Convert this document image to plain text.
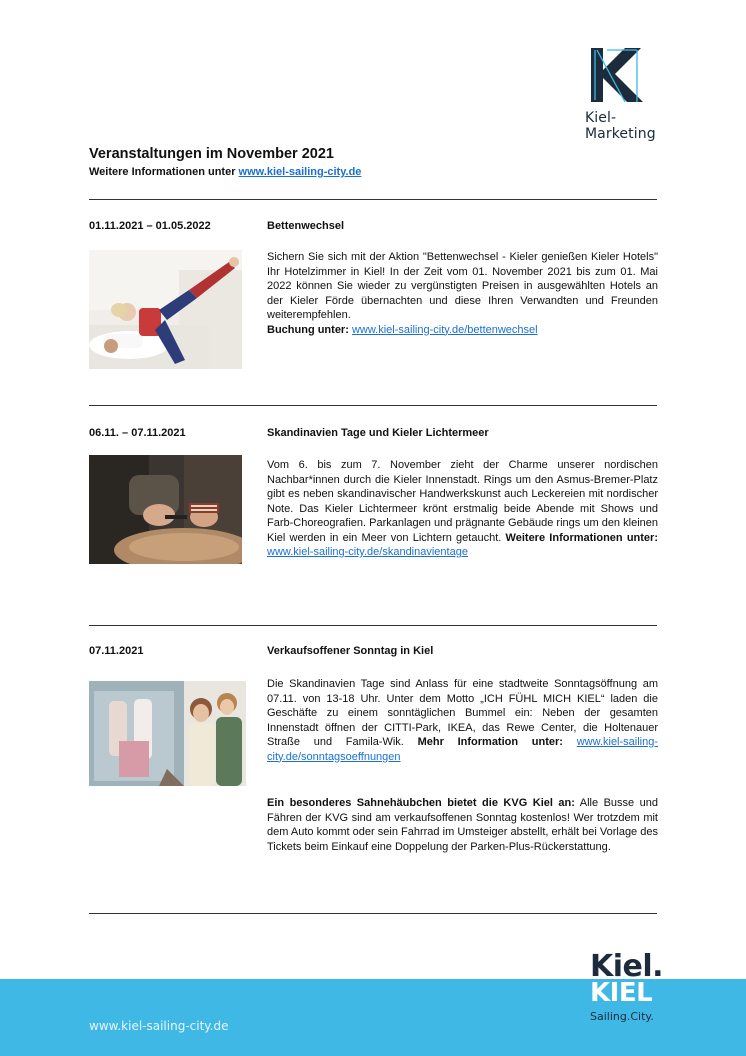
Kiel-Marketing
Veranstaltungen im November 2021
Weitere Informationen unter www.kiel-sailing-city.de
01.11.2021 – 01.05.2022	Bettenwechsel
Sichern Sie sich mit der Aktion "Bettenwechsel - Kieler genießen Kieler Hotels" Ihr Hotelzimmer in Kiel! In der Zeit vom 01. November 2021 bis zum 01. Mai 2022 können Sie wieder zu vergünstigten Preisen in ausgewählten Hotels an der Kieler Förde übernachten und diese Ihren Verwandten und Freunden weiterempfehlen.
Buchung unter: www.kiel-sailing-city.de/bettenwechsel
06.11. – 07.11.2021	Skandinavien Tage und Kieler Lichtermeer
Vom 6. bis zum 7. November zieht der Charme unserer nordischen Nachbar*innen durch die Kieler Innenstadt. Rings um den Asmus-Bremer-Platz gibt es neben skandinavischer Handwerkskunst auch Leckereien mit nordischer Note. Das Kieler Lichtermeer krönt erstmalig beide Abende mit Shows und Farb-Choreografien. Parkanlagen und prägnante Gebäude rings um den kleinen Kiel werden in ein Meer von Lichtern getaucht. Weitere Informationen unter: www.kiel-sailing-city.de/skandinavientage
07.11.2021	Verkaufsoffener Sonntag in Kiel
Die Skandinavien Tage sind Anlass für eine stadtweite Sonntagsöffnung am 07.11. von 13-18 Uhr. Unter dem Motto „ICH FÜHL MICH KIEL“ laden die Geschäfte zu einem sonntäglichen Bummel ein: Neben der gesamten Innenstadt öffnen der CITTI-Park, IKEA, das Rewe Center, die Holtenauer Straße und Famila-Wik. Mehr Information unter: www.kiel-sailing-city.de/sonntagsoeffnungen
Ein besonderes Sahnehäubchen bietet die KVG Kiel an: Alle Busse und Fähren der KVG sind am verkaufsoffenen Sonntag kostenlos! Wer trotzdem mit dem Auto kommt oder sein Fahrrad im Umsteiger abstellt, erhält bei Vorlage des Tickets beim Einkauf eine Doppelung der Parken-Plus-Rückerstattung.
www.kiel-sailing-city.de
Kiel.
KIEL
Sailing.City.
